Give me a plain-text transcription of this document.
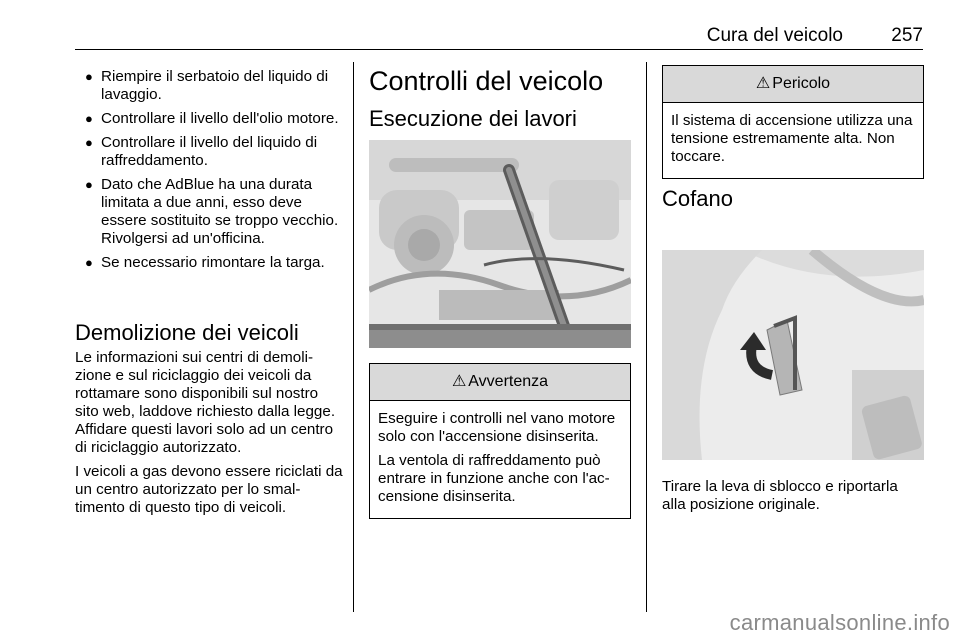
Cura del veicolo	257
● Riempire il serbatoio del liquido di lavaggio.
● Controllare il livello dell'olio motore.
● Controllare il livello del liquido di raffreddamento.
● Dato che AdBlue ha una durata limitata a due anni, esso deve essere sostituito se troppo vecchio. Rivolgersi ad un'officina.
● Se necessario rimontare la targa.
Demolizione dei veicoli

Le informazioni sui centri di demolizione e sul riciclaggio dei veicoli da rottamare sono disponibili sul nostro sito web, laddove richiesto dalla legge. Affidare questi lavori solo ad un centro di riciclaggio autorizzato.

I veicoli a gas devono essere riciclati da un centro autorizzato per lo smaltimento di questo tipo di veicoli.

Controlli del veicolo
Esecuzione dei lavori
⚠ Avvertenza

Eseguire i controlli nel vano motore solo con l'accensione disinserita.

La ventola di raffreddamento può entrare in funzione anche con l'accensione disinserita.

⚠ Pericolo

Il sistema di accensione utilizza una tensione estremamente alta. Non toccare.

Cofano

Tirare la leva di sblocco e riportarla alla posizione originale.

carmanualsonline.info
